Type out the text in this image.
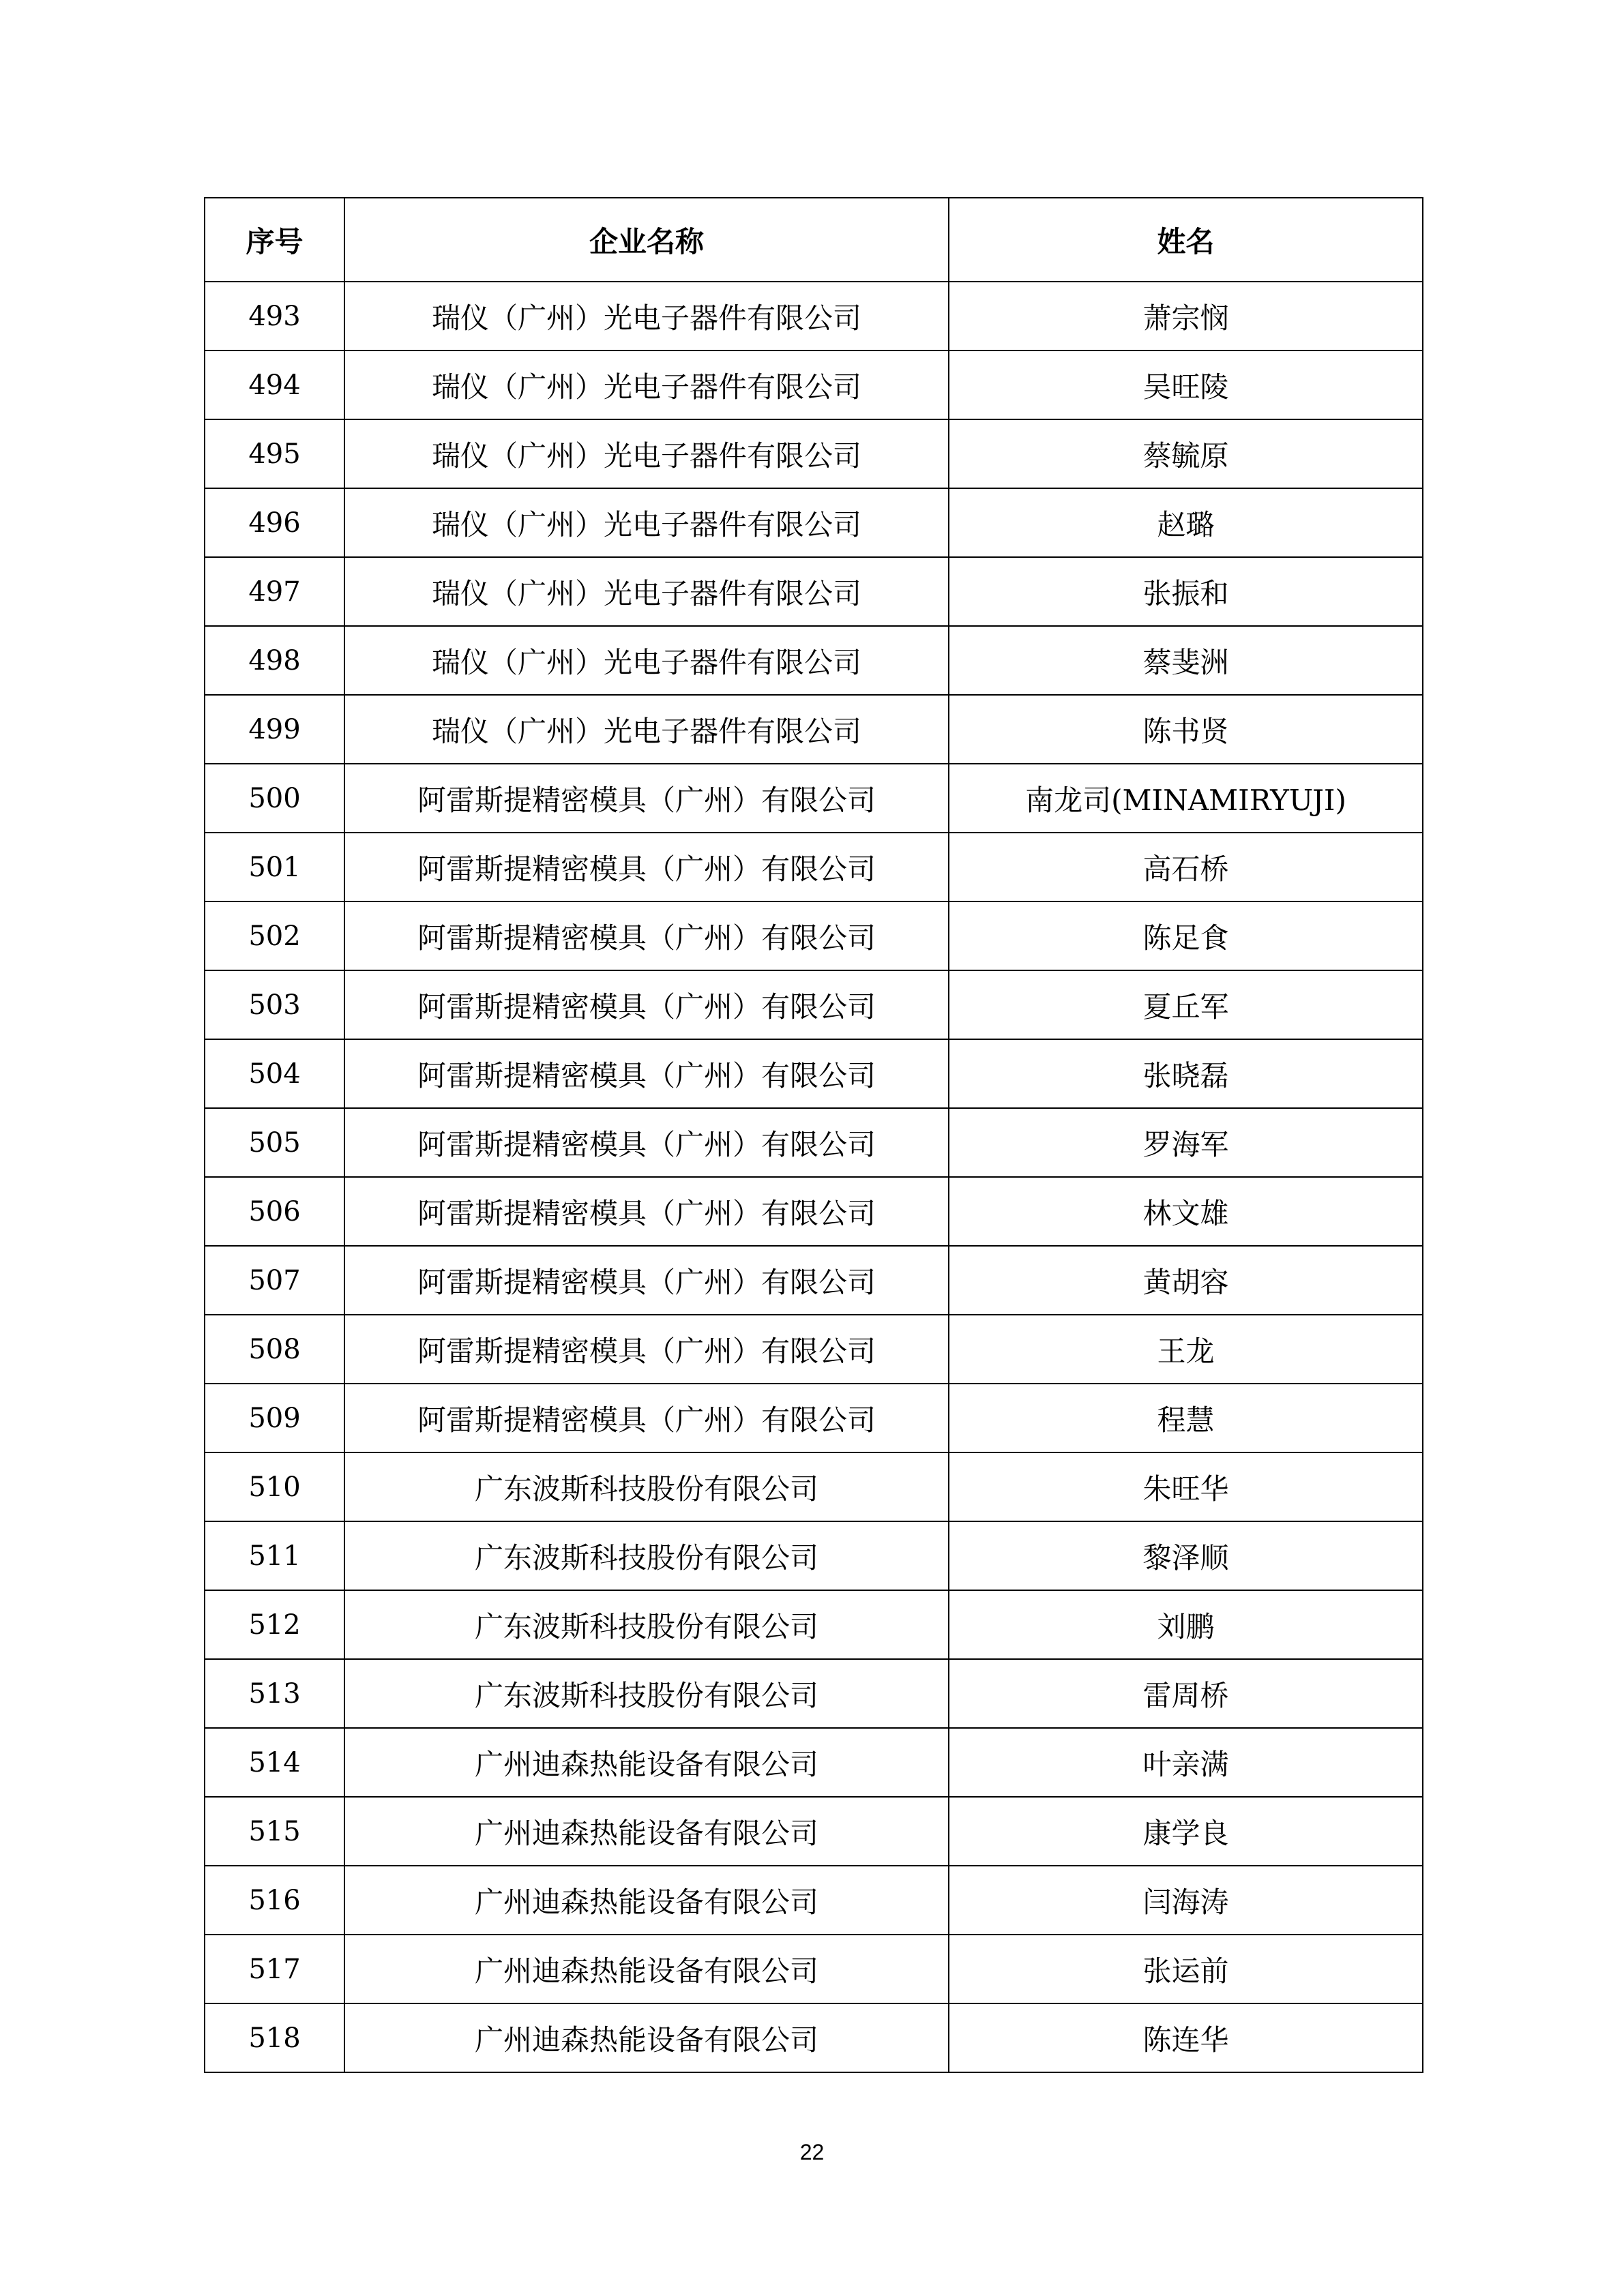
序号	企业名称	姓名
493	瑞仪（广州）光电子器件有限公司	萧宗悯
494	瑞仪（广州）光电子器件有限公司	吴旺陵
495	瑞仪（广州）光电子器件有限公司	蔡毓原
496	瑞仪（广州）光电子器件有限公司	赵璐
497	瑞仪（广州）光电子器件有限公司	张振和
498	瑞仪（广州）光电子器件有限公司	蔡斐洲
499	瑞仪（广州）光电子器件有限公司	陈书贤
500	阿雷斯提精密模具（广州）有限公司	南龙司(MINAMIRYUJI)
501	阿雷斯提精密模具（广州）有限公司	高石桥
502	阿雷斯提精密模具（广州）有限公司	陈足食
503	阿雷斯提精密模具（广州）有限公司	夏丘军
504	阿雷斯提精密模具（广州）有限公司	张晓磊
505	阿雷斯提精密模具（广州）有限公司	罗海军
506	阿雷斯提精密模具（广州）有限公司	林文雄
507	阿雷斯提精密模具（广州）有限公司	黄胡容
508	阿雷斯提精密模具（广州）有限公司	王龙
509	阿雷斯提精密模具（广州）有限公司	程慧
510	广东波斯科技股份有限公司	朱旺华
511	广东波斯科技股份有限公司	黎泽顺
512	广东波斯科技股份有限公司	刘鹏
513	广东波斯科技股份有限公司	雷周桥
514	广州迪森热能设备有限公司	叶亲满
515	广州迪森热能设备有限公司	康学良
516	广州迪森热能设备有限公司	闫海涛
517	广州迪森热能设备有限公司	张运前
518	广州迪森热能设备有限公司	陈连华
22
